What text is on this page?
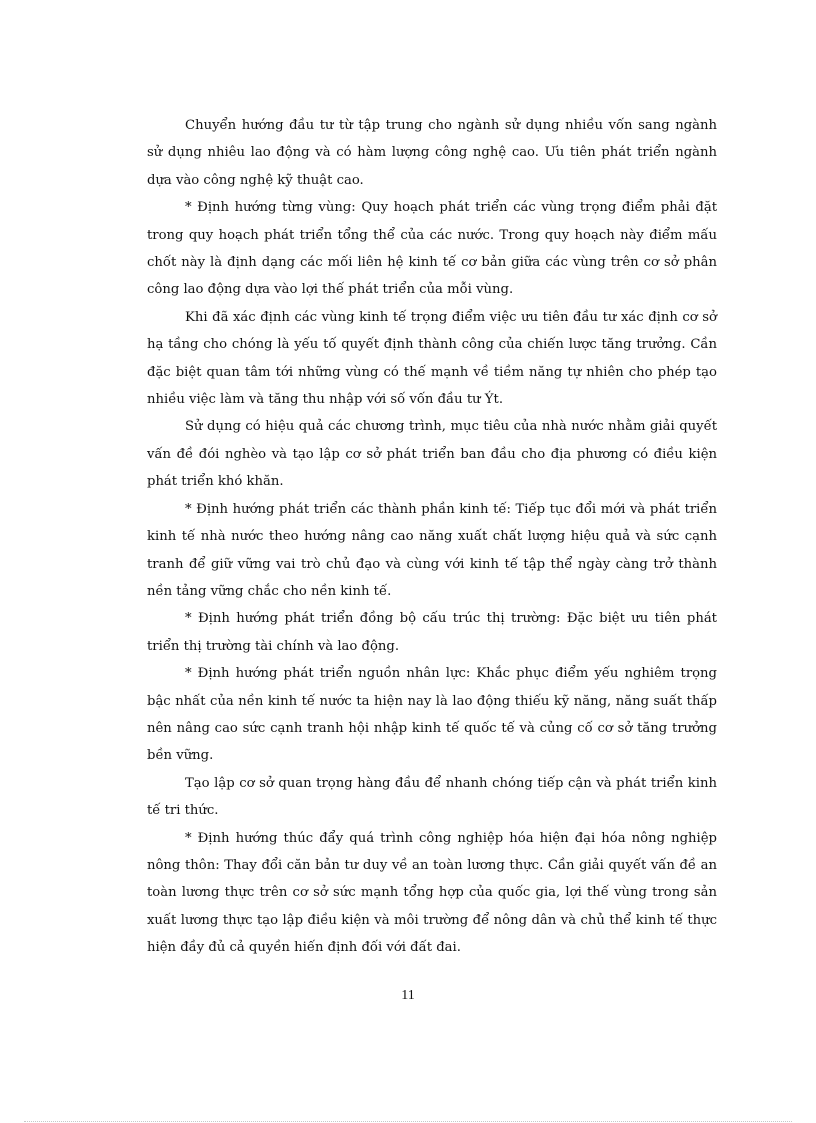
Chuyển hướng đầu tư từ tập trung cho ngành sử dụng nhiều vốn sang ngành sử dụng nhiêu lao động và có hàm lượng công nghệ cao. Ưu tiên phát triển ngành dựa vào công nghệ kỹ thuật cao.

* Định hướng từng vùng: Quy hoạch phát triển các vùng trọng điểm phải đặt trong quy hoạch phát triển tổng thể của các nước. Trong quy hoạch này điểm mấu chốt này là định dạng các mối liên hệ kinh tế cơ bản giữa các vùng trên cơ sở phân công lao động dựa vào lợi thế phát triển của mỗi vùng.

Khi đã xác định các vùng kinh tế trọng điểm việc ưu tiên đầu tư xác định cơ sở hạ tầng cho chóng là yếu tố quyết định thành công của chiến lược tăng trưởng. Cần đặc biệt quan tâm tới những vùng có thế mạnh về tiềm năng tự nhiên cho phép tạo nhiều việc làm và tăng thu nhập với số vốn đầu tư Ýt.

Sử dụng có hiệu quả các chương trình, mục tiêu của nhà nước nhằm giải quyết vấn đề đói nghèo và tạo lập cơ sở phát triển ban đầu cho địa phương có điều kiện phát triển khó khăn.

* Định hướng phát triển các thành phần kinh tế: Tiếp tục đổi mới và phát triển kinh tế nhà nước theo hướng nâng cao năng xuất chất lượng hiệu quả và sức cạnh tranh để giữ vững vai trò chủ đạo và cùng với kinh tế tập thể ngày càng trở thành nền tảng vững chắc cho nền kinh tế.

* Định hướng phát triển đồng bộ cấu trúc thị trường: Đặc biệt ưu tiên phát triển thị trường tài chính và lao động.

* Định hướng phát triển nguồn nhân lực: Khắc phục điểm yếu nghiêm trọng bậc nhất của nền kinh tế nước ta hiện nay là lao động thiếu kỹ năng, năng suất thấp nên nâng cao sức cạnh tranh hội nhập kinh tế quốc tế và củng cố cơ sở tăng trưởng bền vững.

Tạo lập cơ sở quan trọng hàng đầu để nhanh chóng tiếp cận và phát triển kinh tế tri thức.

* Định hướng thúc đẩy quá trình công nghiệp hóa hiện đại hóa nông nghiệp nông thôn: Thay đổi căn bản tư duy về an toàn lương thực. Cần giải quyết vấn đề an toàn lương thực trên cơ sở sức mạnh tổng hợp của quốc gia, lợi thế vùng trong sản xuất lương thực tạo lập điều kiện và môi trường để nông dân và chủ thể kinh tế thực hiện đầy đủ cả quyền hiến định đối với đất đai.

11
